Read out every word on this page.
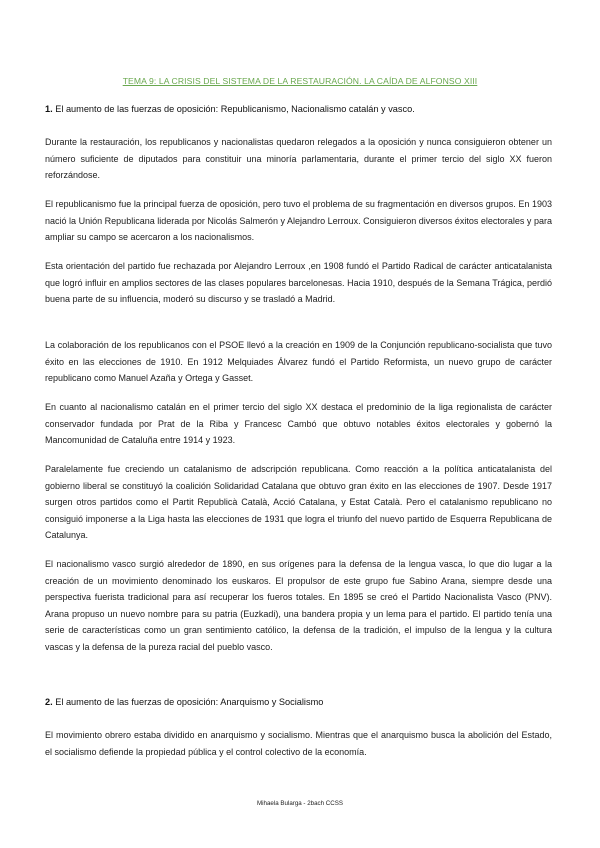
TEMA 9: LA CRISIS DEL SISTEMA DE LA RESTAURACIÓN. LA CAÍDA DE ALFONSO XIII
1. El aumento de las fuerzas de oposición: Republicanismo, Nacionalismo catalán y vasco.

Durante la restauración, los republicanos y nacionalistas quedaron relegados a la oposición y nunca consiguieron obtener un número suficiente de diputados para constituir una minoría parlamentaria, durante el primer tercio del siglo XX fueron reforzándose.

El republicanismo fue la principal fuerza de oposición, pero tuvo el problema de su fragmentación en diversos grupos. En 1903 nació la Unión Republicana liderada por Nicolás Salmerón y Alejandro Lerroux. Consiguieron diversos éxitos electorales y para ampliar su campo se acercaron a los nacionalismos.

Esta orientación del partido fue rechazada por Alejandro Lerroux ,en 1908 fundó el Partido Radical de carácter anticatalanista que logró influir en amplios sectores de las clases populares barcelonesas. Hacia 1910, después de la Semana Trágica, perdió buena parte de su influencia, moderó su discurso y se trasladó a Madrid.

La colaboración de los republicanos con el PSOE llevó a la creación en 1909 de la Conjunción republicano-socialista que tuvo éxito en las elecciones de 1910. En 1912 Melquiades Álvarez fundó el Partido Reformista, un nuevo grupo de carácter republicano como Manuel Azaña y Ortega y Gasset.

En cuanto al nacionalismo catalán en el primer tercio del siglo XX destaca el predominio de la liga regionalista de carácter conservador fundada por Prat de la Riba y Francesc Cambó que obtuvo notables éxitos electorales y gobernó la Mancomunidad de Cataluña entre 1914 y 1923.

Paralelamente fue creciendo un catalanismo de adscripción republicana. Como reacción a la política anticatalanista del gobierno liberal se constituyó la coalición Solidaridad Catalana que obtuvo gran éxito en las elecciones de 1907. Desde 1917 surgen otros partidos como el Partit Republicà Català, Acció Catalana, y Estat Català. Pero el catalanismo republicano no consiguió imponerse a la Liga hasta las elecciones de 1931 que logra el triunfo del nuevo partido de Esquerra Republicana de Catalunya.

El nacionalismo vasco surgió alrededor de 1890, en sus orígenes para la defensa de la lengua vasca, lo que dio lugar a la creación de un movimiento denominado los euskaros. El propulsor de este grupo fue Sabino Arana, siempre desde una perspectiva fuerista tradicional para así recuperar los fueros totales. En 1895 se creó el Partido Nacionalista Vasco (PNV). Arana propuso un nuevo nombre para su patria (Euzkadi), una bandera propia y un lema para el partido. El partido tenía una serie de características como un gran sentimiento católico, la defensa de la tradición, el impulso de la lengua y la cultura vascas y la defensa de la pureza racial del pueblo vasco.

2. El aumento de las fuerzas de oposición: Anarquismo y Socialismo

El movimiento obrero estaba dividido en anarquismo y socialismo. Mientras que el anarquismo busca la abolición del Estado, el socialismo defiende la propiedad pública y el control colectivo de la economía.

Mihaela Bularga - 2bach CCSS
